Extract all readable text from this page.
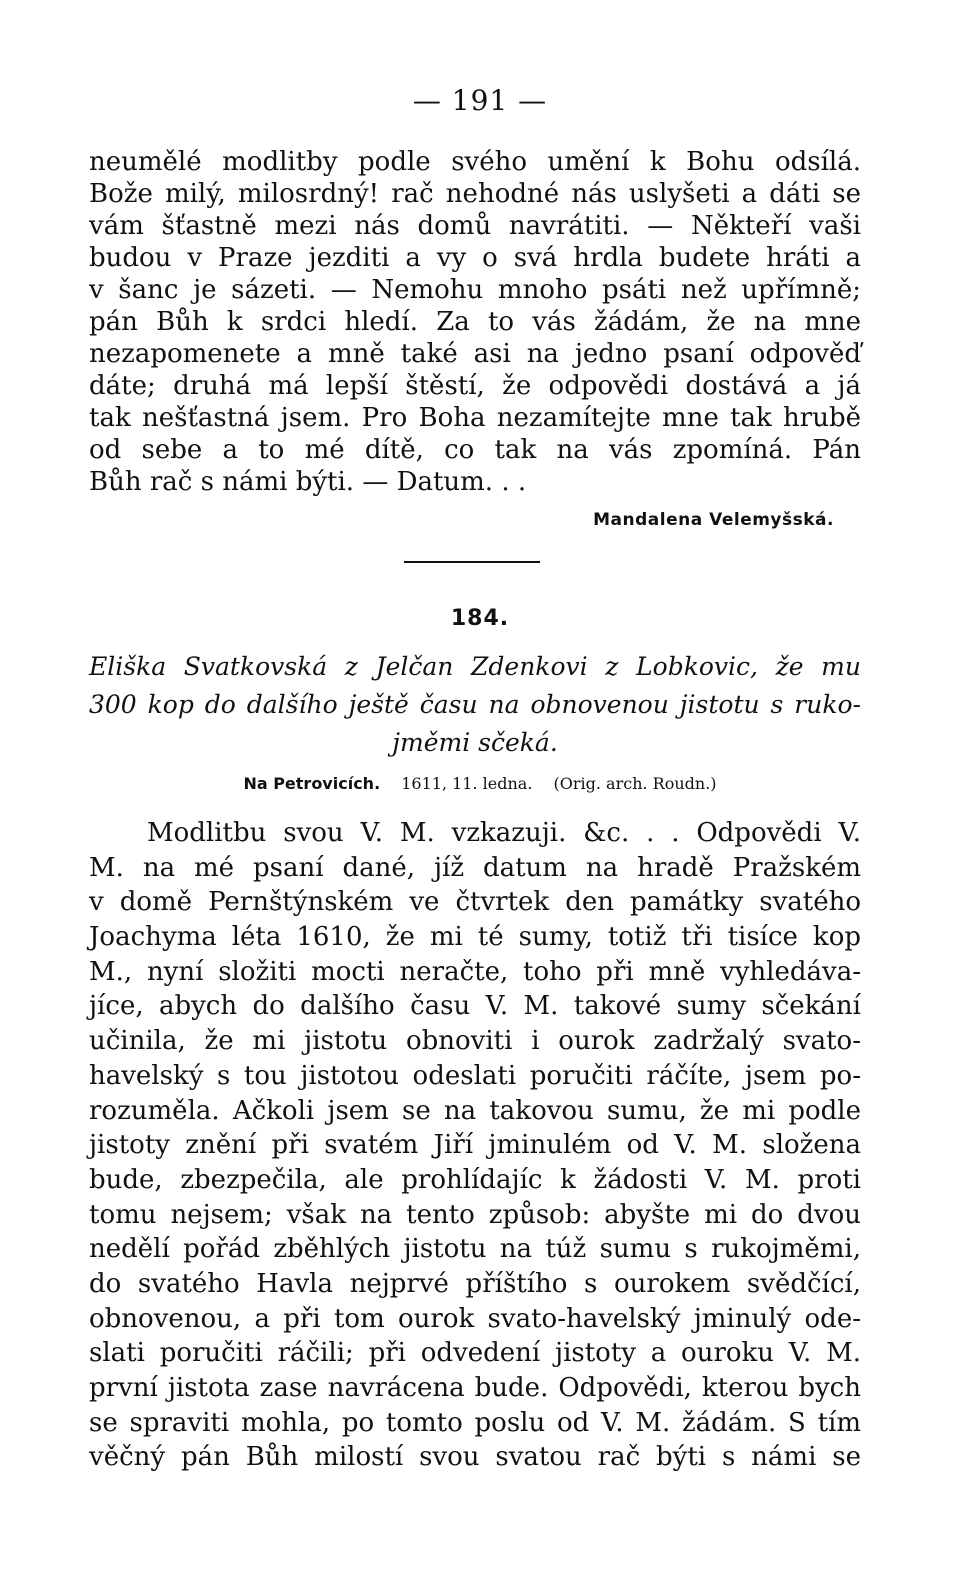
— 191 —
neumělé modlitby podle svého umění k Bohu odsílá.
Bože milý, milosrdný! rač nehodné nás uslyšeti a dáti se
vám šťastně mezi nás domů navrátiti. — Někteří vaši
budou v Praze jezditi a vy o svá hrdla budete hráti a
v šanc je sázeti. — Nemohu mnoho psáti než upřímně;
pán Bůh k srdci hledí. Za to vás žádám, že na mne
nezapomenete a mně také asi na jedno psaní odpověď
dáte; druhá má lepší štěstí, že odpovědi dostává a já
tak nešťastná jsem. Pro Boha nezamítejte mne tak hrubě
od sebe a to mé dítě, co tak na vás zpomíná. Pán
Bůh rač s námi býti. — Datum. . .
Mandalena Velemyšská.
184.
Eliška Svatkovská z Jelčan Zdenkovi z Lobkovic, že mu
300 kop do dalšího ještě času na obnovenou jistotu s ruko-
jměmi sčeká.
Na Petrovicích. 1611, 11. ledna. (Orig. arch. Roudn.)
Modlitbu svou V. M. vzkazuji. &c. . . Odpovědi V.
M. na mé psaní dané, jíž datum na hradě Pražském
v domě Pernštýnském ve čtvrtek den památky svatého
Joachyma léta 1610, že mi té sumy, totiž tři tisíce kop
M., nyní složiti mocti neračte, toho při mně vyhledáva-
jíce, abych do dalšího času V. M. takové sumy sčekání
učinila, že mi jistotu obnoviti i ourok zadržalý svato-
havelský s tou jistotou odeslati poručiti ráčíte, jsem po-
rozuměla. Ačkoli jsem se na takovou sumu, že mi podle
jistoty znění při svatém Jiří jminulém od V. M. složena
bude, zbezpečila, ale prohlídajíc k žádosti V. M. proti
tomu nejsem; však na tento způsob: abyšte mi do dvou
nedělí pořád zběhlých jistotu na túž sumu s rukojměmi,
do svatého Havla nejprvé příštího s ourokem svědčící,
obnovenou, a při tom ourok svato-havelský jminulý ode-
slati poručiti ráčili; při odvedení jistoty a ouroku V. M.
první jistota zase navrácena bude. Odpovědi, kterou bych
se spraviti mohla, po tomto poslu od V. M. žádám. S tím
věčný pán Bůh milostí svou svatou rač býti s námi se
